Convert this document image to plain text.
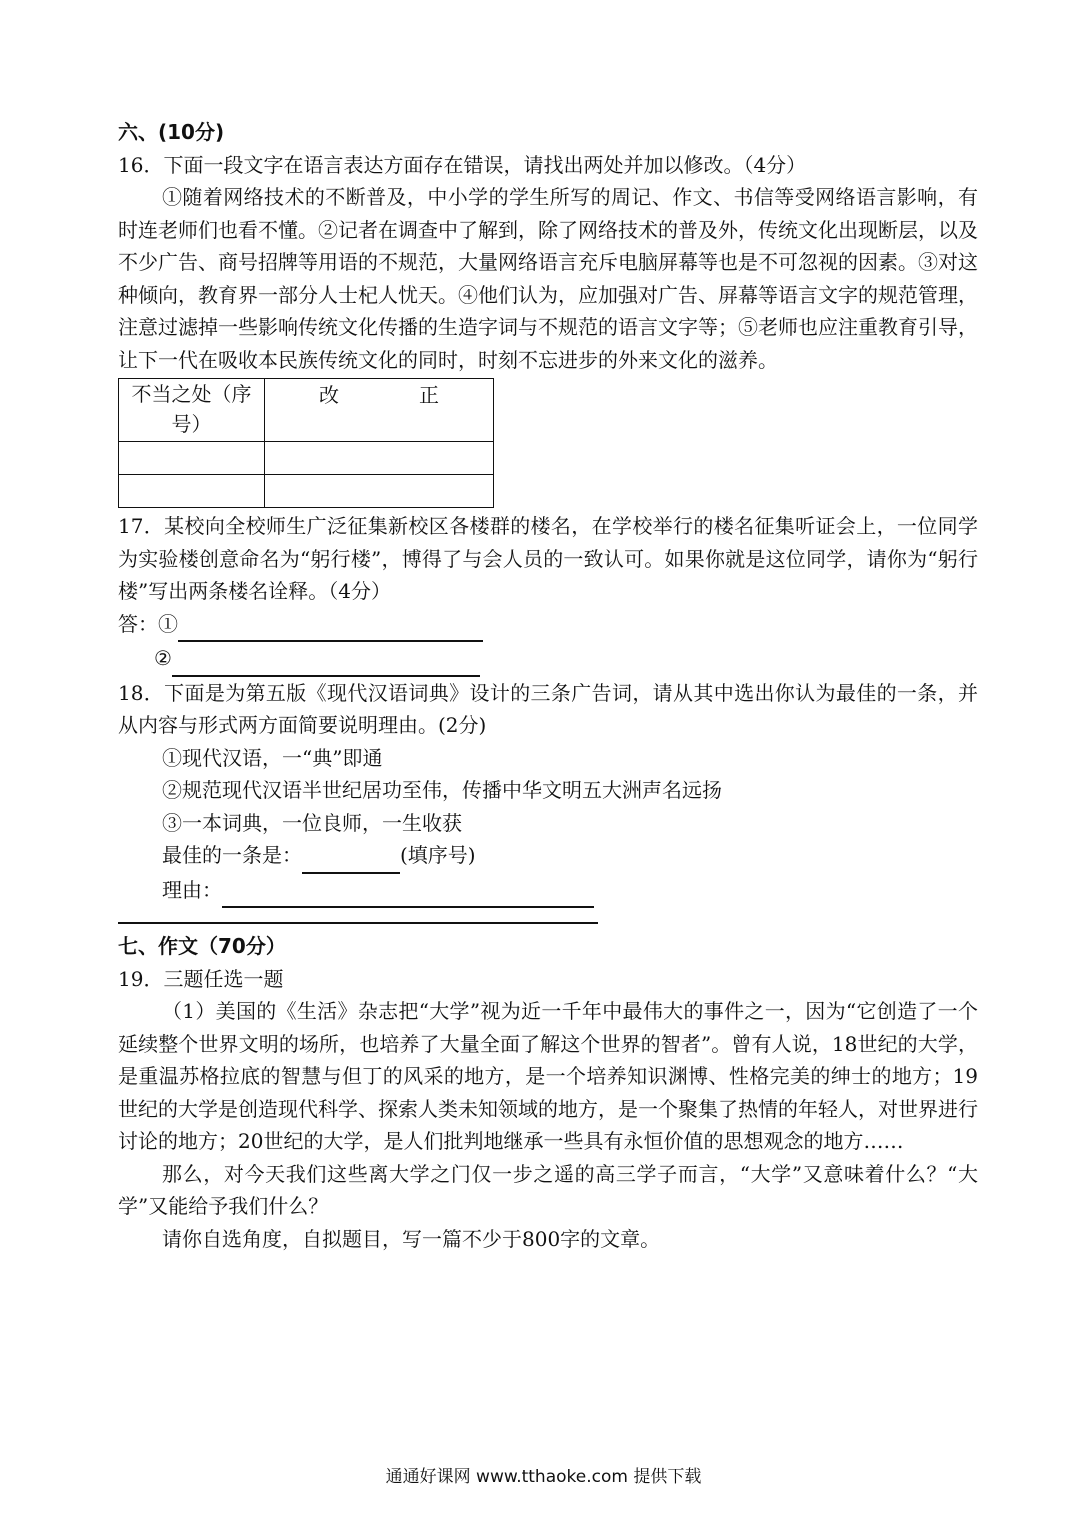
六、(10分)
16．下面一段文字在语言表达方面存在错误，请找出两处并加以修改。（4分）
①随着网络技术的不断普及，中小学的学生所写的周记、作文、书信等受网络语言影响，有时连老师们也看不懂。②记者在调查中了解到，除了网络技术的普及外，传统文化出现断层，以及不少广告、商号招牌等用语的不规范，大量网络语言充斥电脑屏幕等也是不可忽视的因素。③对这种倾向，教育界一部分人士杞人忧天。④他们认为，应加强对广告、屏幕等语言文字的规范管理，注意过滤掉一些影响传统文化传播的生造字词与不规范的语言文字等；⑤老师也应注重教育引导，让下一代在吸收本民族传统文化的同时，时刻不忘进步的外来文化的滋养。
不当之处（序号）	改　　　　正

17．某校向全校师生广泛征集新校区各楼群的楼名，在学校举行的楼名征集听证会上，一位同学为实验楼创意命名为“躬行楼”，博得了与会人员的一致认可。如果你就是这位同学，请你为“躬行楼”写出两条楼名诠释。（4分）
答：①
②
18．下面是为第五版《现代汉语词典》设计的三条广告词，请从其中选出你认为最佳的一条，并从内容与形式两方面简要说明理由。(2分)
①现代汉语，一“典”即通
②规范现代汉语半世纪居功至伟，传播中华文明五大洲声名远扬
③一本词典，一位良师，一生收获
最佳的一条是：	(填序号)
理由：
七、作文（70分）
19．三题任选一题
（1）美国的《生活》杂志把“大学”视为近一千年中最伟大的事件之一，因为“它创造了一个延续整个世界文明的场所，也培养了大量全面了解这个世界的智者”。曾有人说，18世纪的大学，是重温苏格拉底的智慧与但丁的风采的地方，是一个培养知识渊博、性格完美的绅士的地方；19世纪的大学是创造现代科学、探索人类未知领域的地方，是一个聚集了热情的年轻人，对世界进行讨论的地方；20世纪的大学，是人们批判地继承一些具有永恒价值的思想观念的地方……
那么，对今天我们这些离大学之门仅一步之遥的高三学子而言，“大学”又意味着什么？“大学”又能给予我们什么？
请你自选角度，自拟题目，写一篇不少于800字的文章。
通通好课网 www.tthaoke.com 提供下载
